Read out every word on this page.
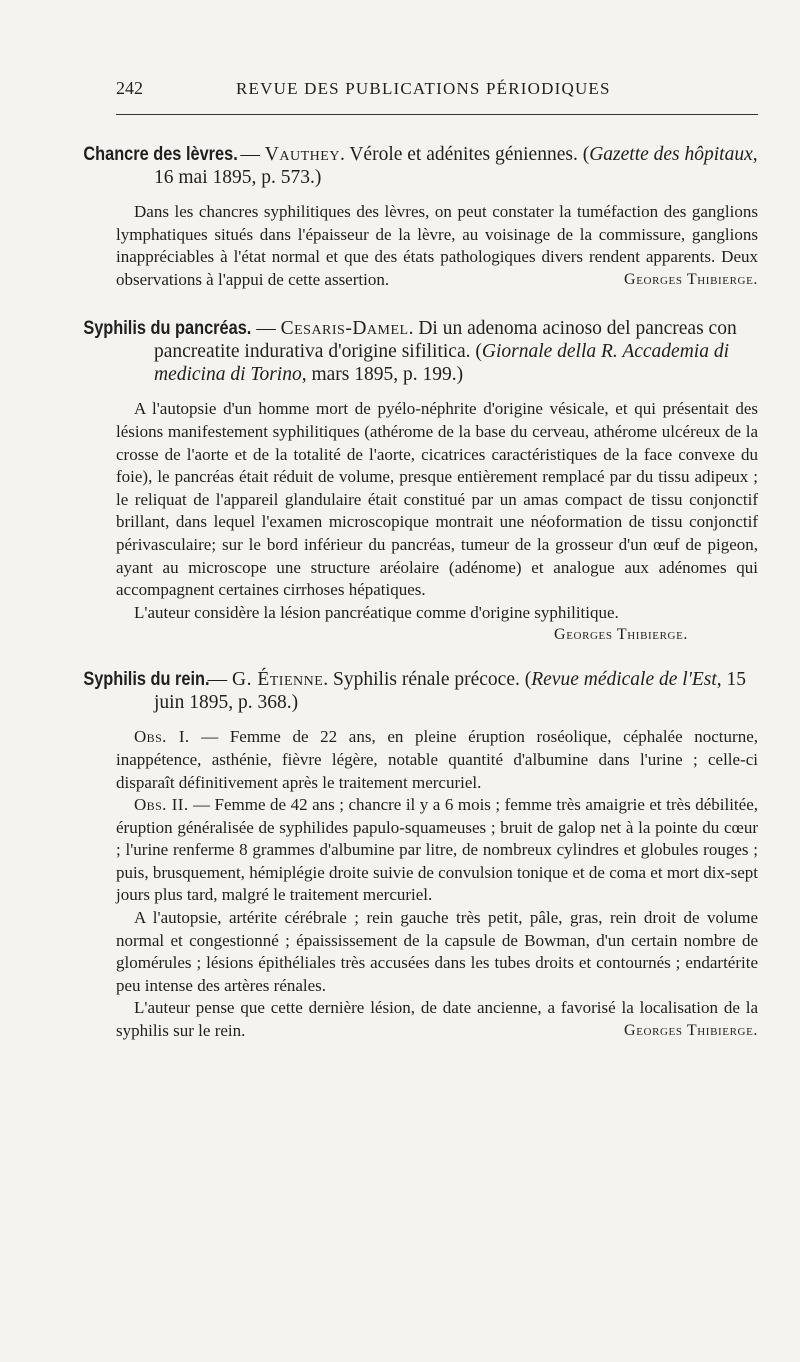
242	REVUE DES PUBLICATIONS PÉRIODIQUES
Chancre des lèvres. — Vauthey. Vérole et adénites géniennes. (Gazette des hôpitaux, 16 mai 1895, p. 573.)

Dans les chancres syphilitiques des lèvres, on peut constater la tuméfaction des ganglions lymphatiques situés dans l'épaisseur de la lèvre, au voisinage de la commissure, ganglions inappréciables à l'état normal et que des états pathologiques divers rendent apparents. Deux observations à l'appui de cette assertion.	Georges Thibierge.

Syphilis du pancréas. — Cesaris-Damel. Di un adenoma acinoso del pancreas con pancreatite indurativa d'origine sifilitica. (Giornale della R. Accademia di medicina di Torino, mars 1895, p. 199.)

A l'autopsie d'un homme mort de pyélo-néphrite d'origine vésicale, et qui présentait des lésions manifestement syphilitiques (athérome de la base du cerveau, athérome ulcéreux de la crosse de l'aorte et de la totalité de l'aorte, cicatrices caractéristiques de la face convexe du foie), le pancréas était réduit de volume, presque entièrement remplacé par du tissu adipeux ; le reliquat de l'appareil glandulaire était constitué par un amas compact de tissu conjonctif brillant, dans lequel l'examen microscopique montrait une néoformation de tissu conjonctif périvasculaire; sur le bord inférieur du pancréas, tumeur de la grosseur d'un œuf de pigeon, ayant au microscope une structure aréolaire (adénome) et analogue aux adénomes qui accompagnent certaines cirrhoses hépatiques.

L'auteur considère la lésion pancréatique comme d'origine syphilitique.

Georges Thibierge.
Syphilis du rein. — G. Étienne. Syphilis rénale précoce. (Revue médicale de l'Est, 15 juin 1895, p. 368.)

Obs. I. — Femme de 22 ans, en pleine éruption roséolique, céphalée nocturne, inappétence, asthénie, fièvre légère, notable quantité d'albumine dans l'urine ; celle-ci disparaît définitivement après le traitement mercuriel.

Obs. II. — Femme de 42 ans ; chancre il y a 6 mois ; femme très amaigrie et très débilitée, éruption généralisée de syphilides papulo-squameuses ; bruit de galop net à la pointe du cœur ; l'urine renferme 8 grammes d'albumine par litre, de nombreux cylindres et globules rouges ; puis, brusquement, hémiplégie droite suivie de convulsion tonique et de coma et mort dix-sept jours plus tard, malgré le traitement mercuriel.

A l'autopsie, artérite cérébrale ; rein gauche très petit, pâle, gras, rein droit de volume normal et congestionné ; épaississement de la capsule de Bowman, d'un certain nombre de glomérules ; lésions épithéliales très accusées dans les tubes droits et contournés ; endartérite peu intense des artères rénales.

L'auteur pense que cette dernière lésion, de date ancienne, a favorisé la localisation de la syphilis sur le rein.	Georges Thibierge.
